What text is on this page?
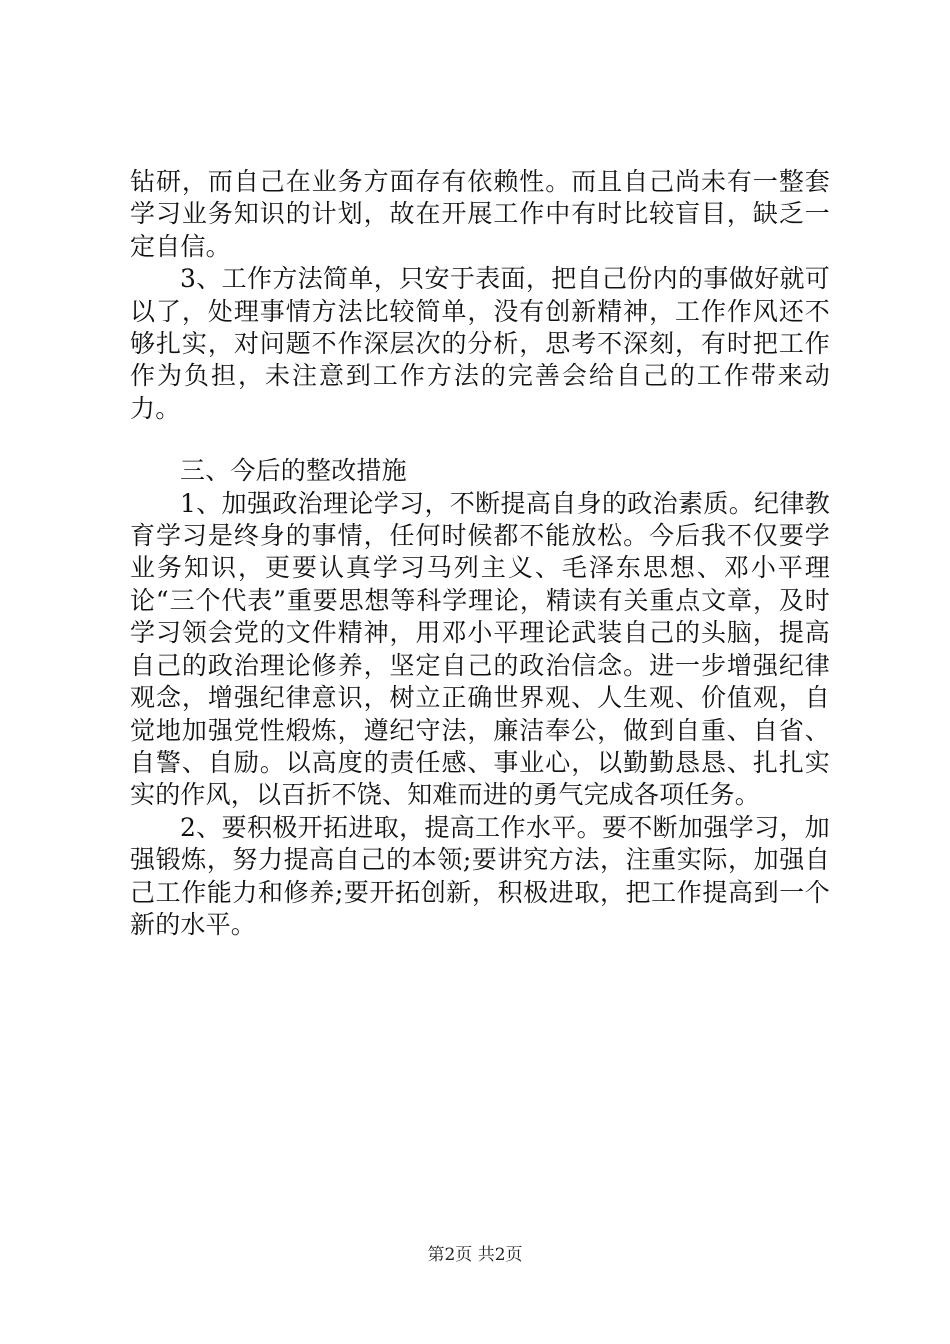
钻研，而自己在业务方面存有依赖性。而且自己尚未有一整套学习业务知识的计划，故在开展工作中有时比较盲目，缺乏一定自信。

3、工作方法简单，只安于表面，把自己份内的事做好就可以了，处理事情方法比较简单，没有创新精神，工作作风还不够扎实，对问题不作深层次的分析，思考不深刻，有时把工作作为负担，未注意到工作方法的完善会给自己的工作带来动力。

三、今后的整改措施

1、加强政治理论学习，不断提高自身的政治素质。纪律教育学习是终身的事情，任何时候都不能放松。今后我不仅要学业务知识，更要认真学习马列主义、毛泽东思想、邓小平理论“三个代表”重要思想等科学理论，精读有关重点文章，及时学习领会党的文件精神，用邓小平理论武装自己的头脑，提高自己的政治理论修养，坚定自己的政治信念。进一步增强纪律观念，增强纪律意识，树立正确世界观、人生观、价值观，自觉地加强党性煅炼，遵纪守法，廉洁奉公，做到自重、自省、自警、自励。以高度的责任感、事业心，以勤勤恳恳、扎扎实实的作风，以百折不饶、知难而进的勇气完成各项任务。

2、要积极开拓进取，提高工作水平。要不断加强学习，加强锻炼，努力提高自己的本领;要讲究方法，注重实际，加强自己工作能力和修养;要开拓创新，积极进取，把工作提高到一个新的水平。

第2页 共2页
